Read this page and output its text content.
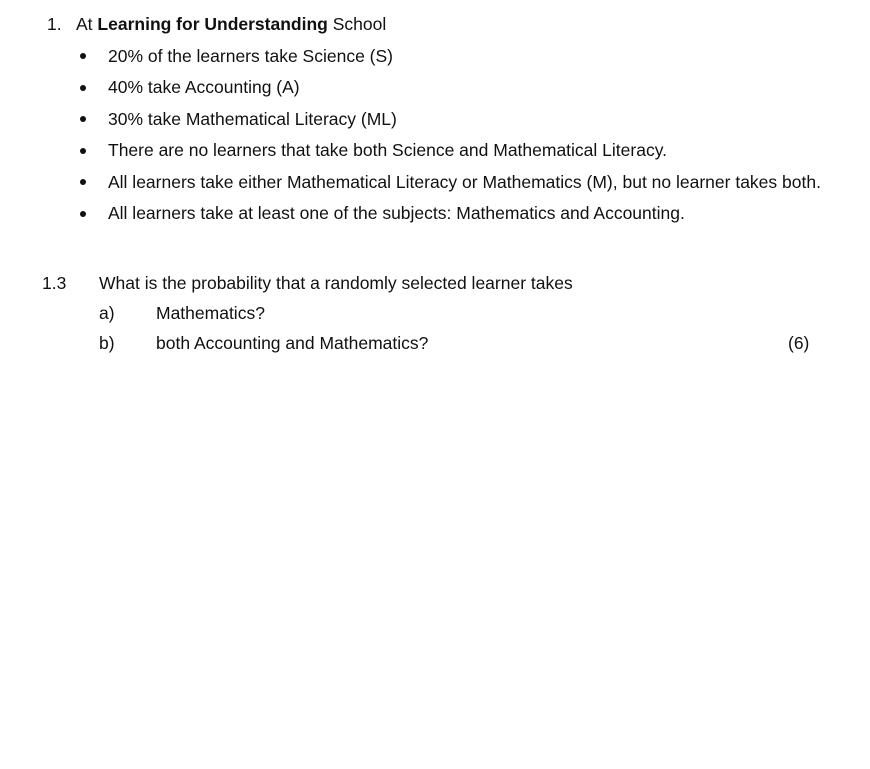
1. At Learning for Understanding School
20% of the learners take Science (S)
40% take Accounting (A)
30% take Mathematical Literacy (ML)
There are no learners that take both Science and Mathematical Literacy.
All learners take either Mathematical Literacy or Mathematics (M), but no learner takes both.
All learners take at least one of the subjects: Mathematics and Accounting.
1.3 What is the probability that a randomly selected learner takes
a) Mathematics?
b) both Accounting and Mathematics?	(6)
